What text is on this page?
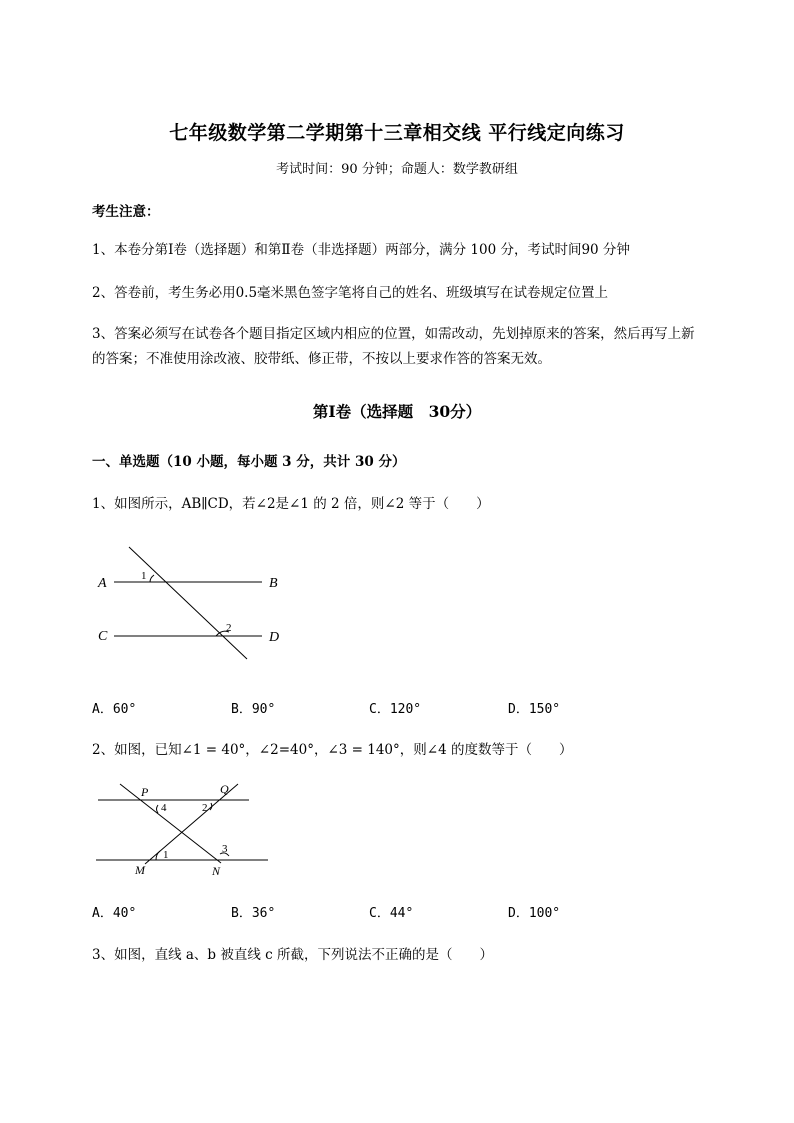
七年级数学第二学期第十三章相交线 平行线定向练习
考试时间：90 分钟；命题人：数学教研组
考生注意：
1、本卷分第Ⅰ卷（选择题）和第Ⅱ卷（非选择题）两部分，满分 100 分，考试时间90 分钟
2、答卷前，考生务必用0.5毫米黑色签字笔将自己的姓名、班级填写在试卷规定位置上
3、答案必须写在试卷各个题目指定区域内相应的位置，如需改动，先划掉原来的答案，然后再写上新
的答案；不准使用涂改液、胶带纸、修正带，不按以上要求作答的答案无效。
第Ⅰ卷（选择题　30分）
一、单选题（10 小题，每小题 3 分，共计 30 分）
1、如图所示，AB∥CD，若∠2是∠1 的 2 倍，则∠2 等于（　　）
A	B
C	D
1
2
A．60°	B．90°	C．120°	D．150°
2、如图，已知∠1 = 40°，∠2=40°，∠3 = 140°，则∠4 的度数等于（　　）
P	Q
M	N
4	2
1	3
A．40°	B．36°	C．44°	D．100°
3、如图，直线 a、b 被直线 c 所截，下列说法不正确的是（　　）
